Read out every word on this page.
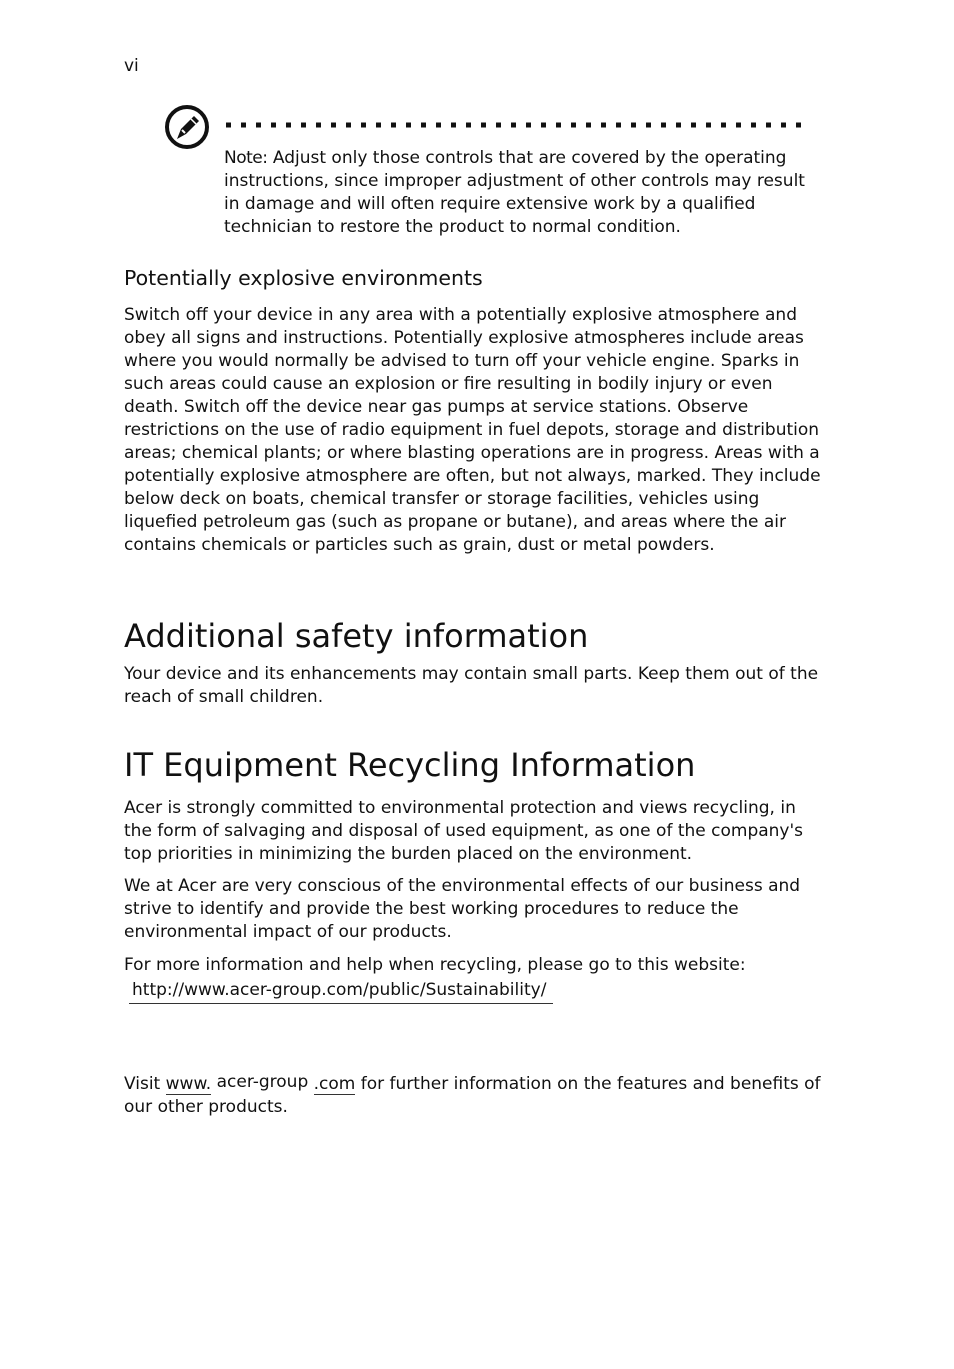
vi
Note: Adjust only those controls that are covered by the operating instructions, since improper adjustment of other controls may result in damage and will often require extensive work by a qualified technician to restore the product to normal condition.
Potentially explosive environments

Switch off your device in any area with a potentially explosive atmosphere and obey all signs and instructions. Potentially explosive atmospheres include areas where you would normally be advised to turn off your vehicle engine. Sparks in such areas could cause an explosion or fire resulting in bodily injury or even death. Switch off the device near gas pumps at service stations. Observe restrictions on the use of radio equipment in fuel depots, storage and distribution areas; chemical plants; or where blasting operations are in progress. Areas with a potentially explosive atmosphere are often, but not always, marked. They include below deck on boats, chemical transfer or storage facilities, vehicles using liquefied petroleum gas (such as propane or butane), and areas where the air contains chemicals or particles such as grain, dust or metal powders.

Additional safety information

Your device and its enhancements may contain small parts. Keep them out of the reach of small children.

IT Equipment Recycling Information

Acer is strongly committed to environmental protection and views recycling, in the form of salvaging and disposal of used equipment, as one of the company's top priorities in minimizing the burden placed on the environment.

We at Acer are very conscious of the environmental effects of our business and strive to identify and provide the best working procedures to reduce the environmental impact of our products.

For more information and help when recycling, please go to this website:

http://www.acer-group.com/public/Sustainability/
Visit www. acer-group .com for further information on the features and benefits of our other products.
